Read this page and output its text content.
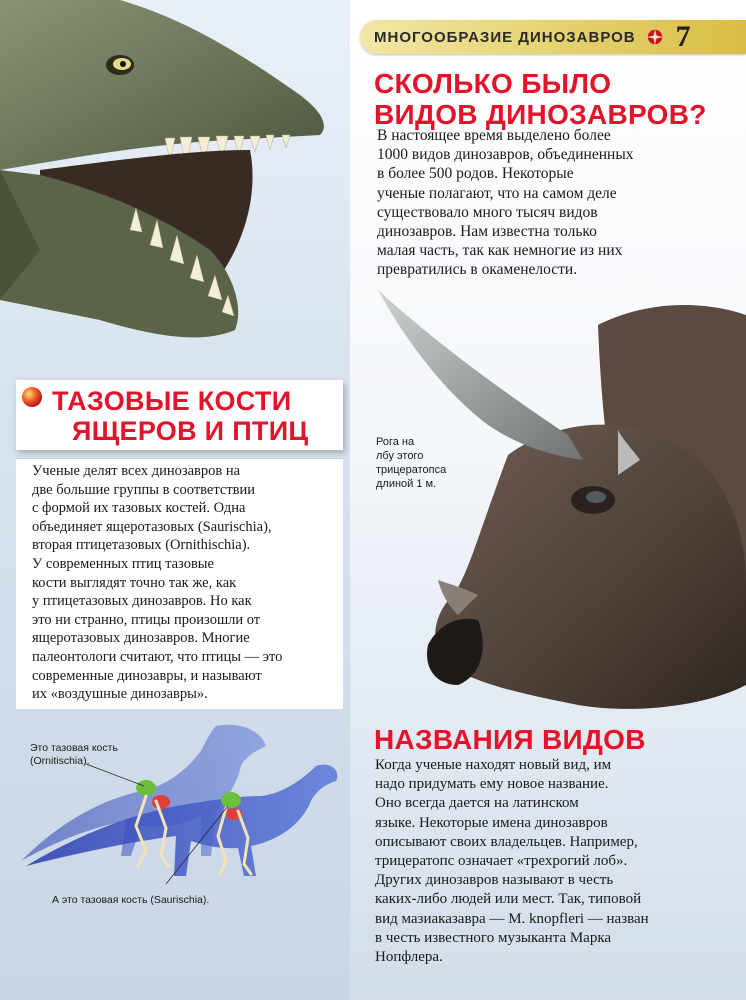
МНОГООБРАЗИЕ ДИНОЗАВРОВ 7
СКОЛЬКО БЫЛО
ВИДОВ ДИНОЗАВРОВ?

В настоящее время выделено более
1000 видов динозавров, объединенных
в более 500 родов. Некоторые
ученые полагают, что на самом деле
существовало много тысяч видов
динозавров. Нам известна только
малая часть, так как немногие из них
превратились в окаменелости.

Рога на
лбу этого
трицератопса
длиной 1 м.

ТАЗОВЫЕ КОСТИ
ЯЩЕРОВ И ПТИЦ

Ученые делят всех динозавров на
две большие группы в соответствии
с формой их тазовых костей. Одна
объединяет ящеротазовых (Saurischia),
вторая птицетазовых (Ornithischia).
У современных птиц тазовые
кости выглядят точно так же, как
у птицетазовых динозавров. Но как
это ни странно, птицы произошли от
ящеротазовых динозавров. Многие
палеонтологи считают, что птицы — это
современные динозавры, и называют
их «воздушные динозавры».

Это тазовая кость
(Ornitischia).

А это тазовая кость (Saurischia).

НАЗВАНИЯ ВИДОВ

Когда ученые находят новый вид, им
надо придумать ему новое название.
Оно всегда дается на латинском
языке. Некоторые имена динозавров
описывают своих владельцев. Например,
трицератопс означает «трехрогий лоб».
Других динозавров называют в честь
каких-либо людей или мест. Так, типовой
вид мазиаказавра — M. knopfleri — назван
в честь известного музыканта Марка
Нопфлера.
